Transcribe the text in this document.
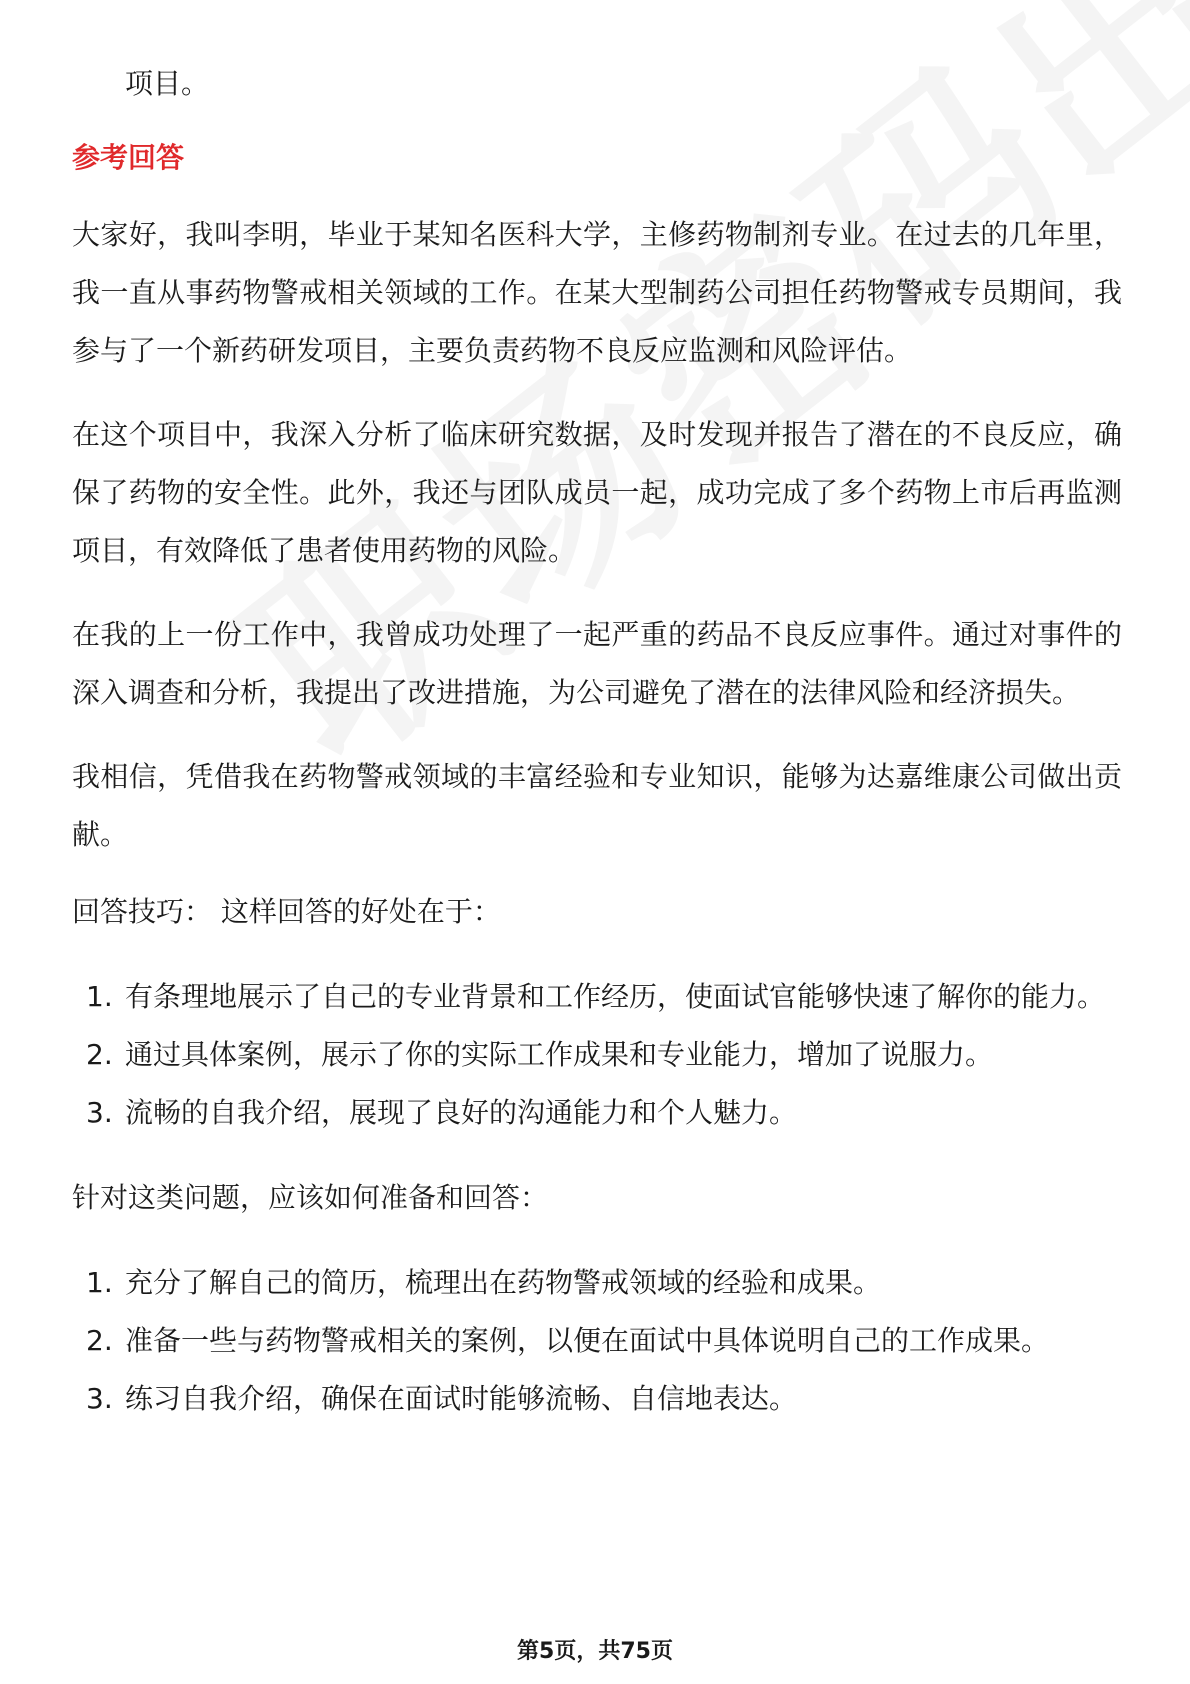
项目。

参考回答

大家好，我叫李明，毕业于某知名医科大学，主修药物制剂专业。在过去的几年里，我一直从事药物警戒相关领域的工作。在某大型制药公司担任药物警戒专员期间，我参与了一个新药研发项目，主要负责药物不良反应监测和风险评估。

在这个项目中，我深入分析了临床研究数据，及时发现并报告了潜在的不良反应，确保了药物的安全性。此外，我还与团队成员一起，成功完成了多个药物上市后再监测项目，有效降低了患者使用药物的风险。

在我的上一份工作中，我曾成功处理了一起严重的药品不良反应事件。通过对事件的深入调查和分析，我提出了改进措施，为公司避免了潜在的法律风险和经济损失。

我相信，凭借我在药物警戒领域的丰富经验和专业知识，能够为达嘉维康公司做出贡献。

回答技巧： 这样回答的好处在于：

1. 有条理地展示了自己的专业背景和工作经历，使面试官能够快速了解你的能力。
2. 通过具体案例，展示了你的实际工作成果和专业能力，增加了说服力。
3. 流畅的自我介绍，展现了良好的沟通能力和个人魅力。

针对这类问题，应该如何准备和回答：

1. 充分了解自己的简历，梳理出在药物警戒领域的经验和成果。
2. 准备一些与药物警戒相关的案例，以便在面试中具体说明自己的工作成果。
3. 练习自我介绍，确保在面试时能够流畅、自信地表达。
第5页，共75页
